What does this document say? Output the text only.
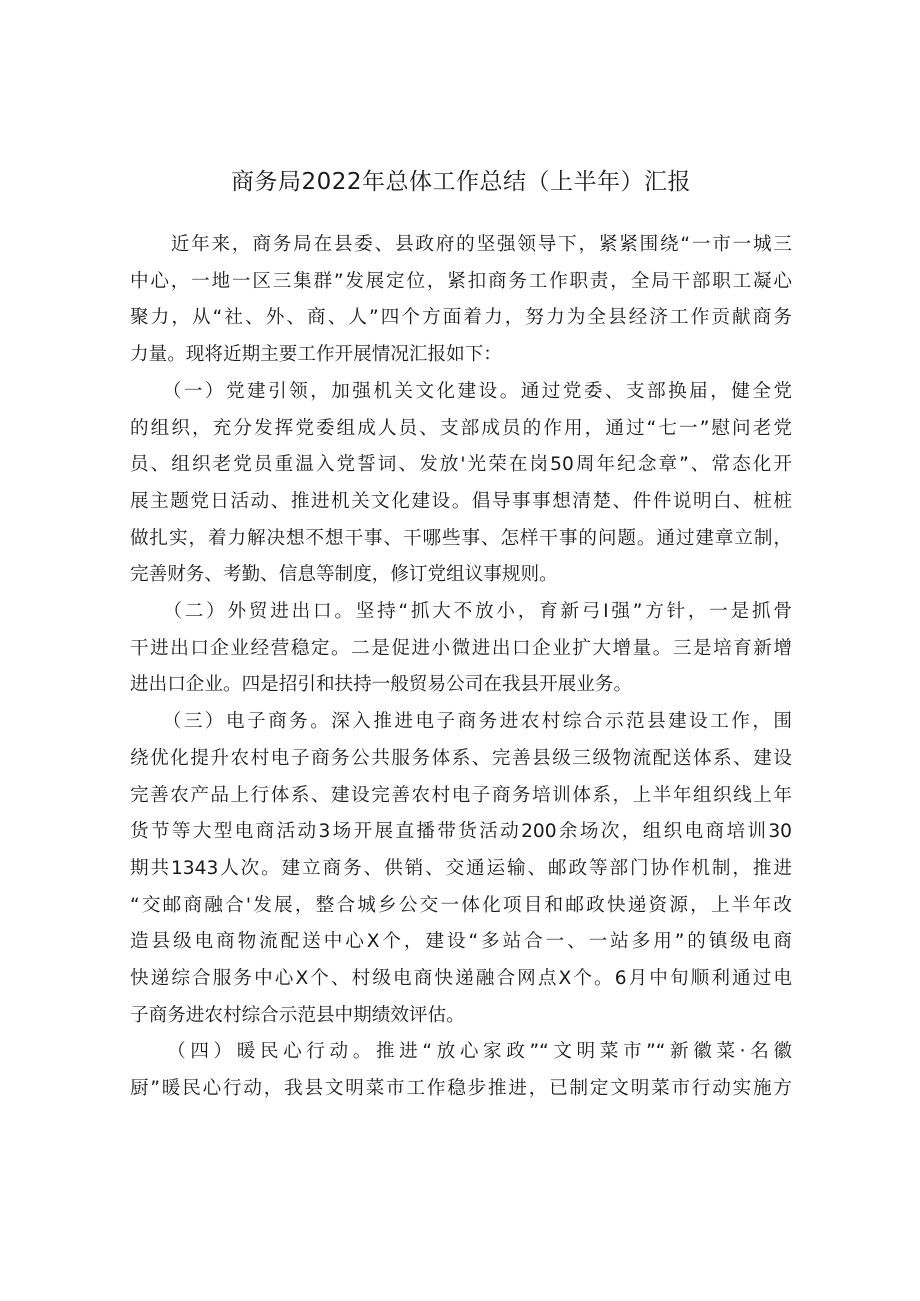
商务局2022年总体工作总结（上半年）汇报

　　近年来，商务局在县委、县政府的坚强领导下，紧紧围绕“一市一城三
中心，一地一区三集群”发展定位，紧扣商务工作职责，全局干部职工凝心
聚力，从“社、外、商、人”四个方面着力，努力为全县经济工作贡献商务
力量。现将近期主要工作开展情况汇报如下：

　　（一）党建引领，加强机关文化建设。通过党委、支部换届，健全党
的组织，充分发挥党委组成人员、支部成员的作用，通过“七一”慰问老党
员、组织老党员重温入党誓词、发放'光荣在岗50周年纪念章”、常态化开
展主题党日活动、推进机关文化建设。倡导事事想清楚、件件说明白、桩桩
做扎实，着力解决想不想干事、干哪些事、怎样干事的问题。通过建章立制，
完善财务、考勤、信息等制度，修订党组议事规则。

　　（二）外贸进出口。坚持“抓大不放小，育新弓I强”方针，一是抓骨
干进出口企业经营稳定。二是促进小微进出口企业扩大增量。三是培育新增
进出口企业。四是招引和扶持一般贸易公司在我县开展业务。

　　（三）电子商务。深入推进电子商务进农村综合示范县建设工作，围
绕优化提升农村电子商务公共服务体系、完善县级三级物流配送体系、建设
完善农产品上行体系、建设完善农村电子商务培训体系，上半年组织线上年
货节等大型电商活动3场开展直播带货活动200余场次，组织电商培训30
期共1343人次。建立商务、供销、交通运输、邮政等部门协作机制，推进
“交邮商融合'发展，整合城乡公交一体化项目和邮政快递资源，上半年改
造县级电商物流配送中心X个，建设“多站合一、一站多用”的镇级电商
快递综合服务中心X个、村级电商快递融合网点X个。6月中旬顺利通过电
子商务进农村综合示范县中期绩效评估。

　　（四）暖民心行动。推进“放心家政”“文明菜市”“新徽菜·名徽
厨”暖民心行动，我县文明菜市工作稳步推进，已制定文明菜市行动实施方
